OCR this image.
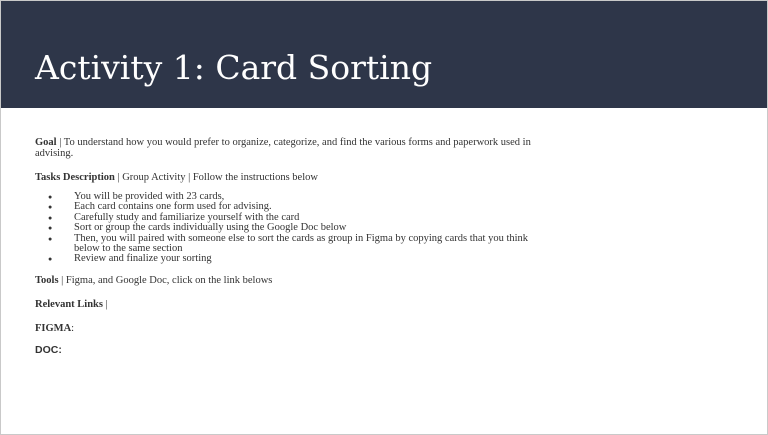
Activity 1: Card Sorting

Goal | To understand how you would prefer to organize, categorize, and find the various forms and paperwork used in advising.

Tasks Description | Group Activity | Follow the instructions below

● You will be provided with 23 cards,
● Each card contains one form used for advising.
● Carefully study and familiarize yourself with the card
● Sort or group the cards individually using the Google Doc below
● Then, you will paired with someone else to sort the cards as group in Figma by copying cards that you think below to the same section
● Review and finalize your sorting

Tools | Figma, and Google Doc, click on the link belows

Relevant Links |

FIGMA:

DOC:
